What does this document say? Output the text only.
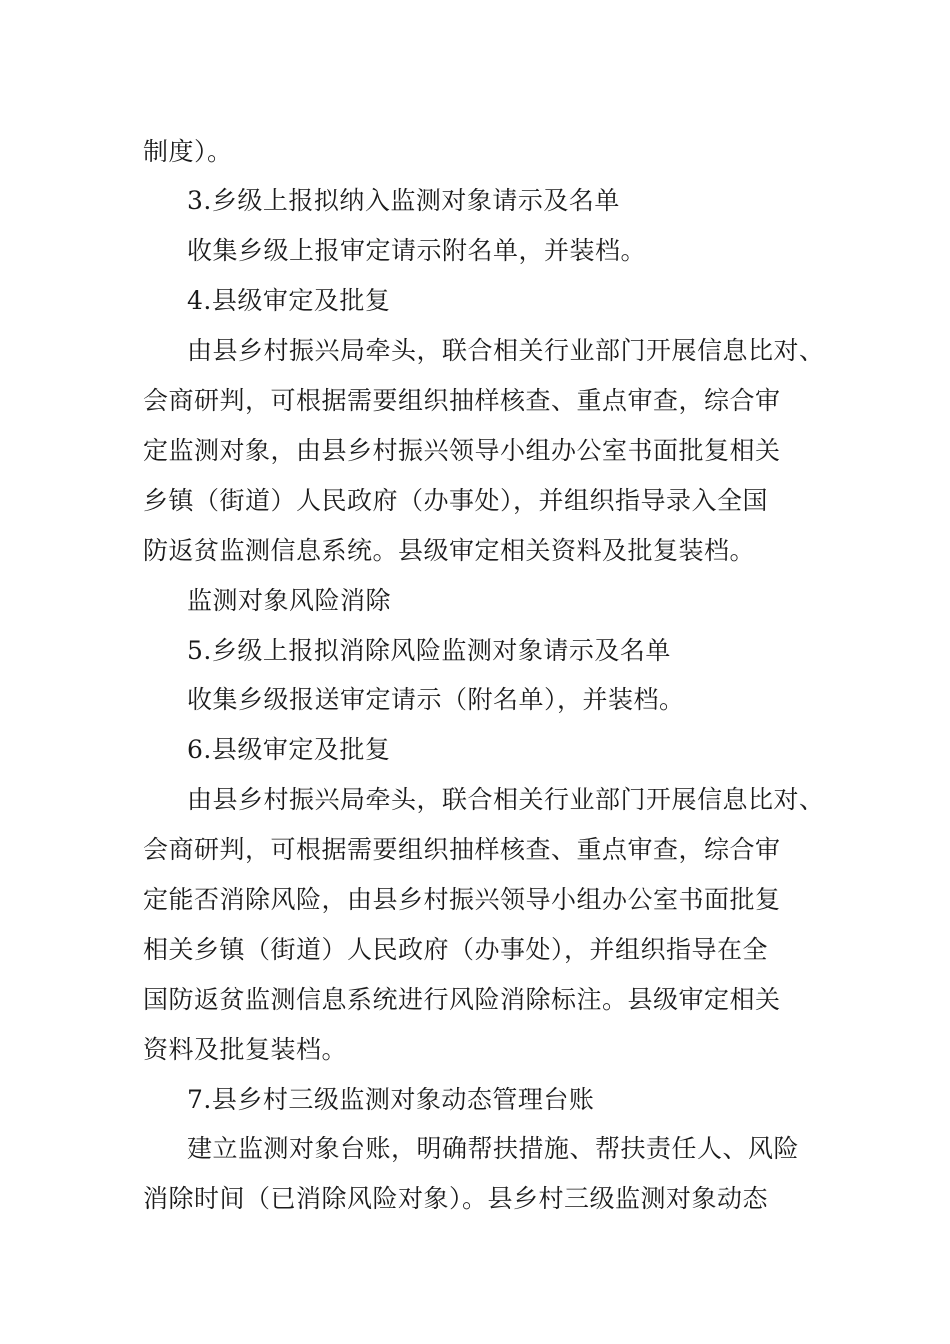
制度）。
3.乡级上报拟纳入监测对象请示及名单
收集乡级上报审定请示附名单，并装档。
4.县级审定及批复
由县乡村振兴局牵头，联合相关行业部门开展信息比对、
会商研判，可根据需要组织抽样核查、重点审查，综合审
定监测对象，由县乡村振兴领导小组办公室书面批复相关
乡镇（街道）人民政府（办事处），并组织指导录入全国
防返贫监测信息系统。县级审定相关资料及批复装档。
监测对象风险消除
5.乡级上报拟消除风险监测对象请示及名单
收集乡级报送审定请示（附名单），并装档。
6.县级审定及批复
由县乡村振兴局牵头，联合相关行业部门开展信息比对、
会商研判，可根据需要组织抽样核查、重点审查，综合审
定能否消除风险，由县乡村振兴领导小组办公室书面批复
相关乡镇（街道）人民政府（办事处），并组织指导在全
国防返贫监测信息系统进行风险消除标注。县级审定相关
资料及批复装档。
7.县乡村三级监测对象动态管理台账
建立监测对象台账，明确帮扶措施、帮扶责任人、风险
消除时间（已消除风险对象）。县乡村三级监测对象动态
